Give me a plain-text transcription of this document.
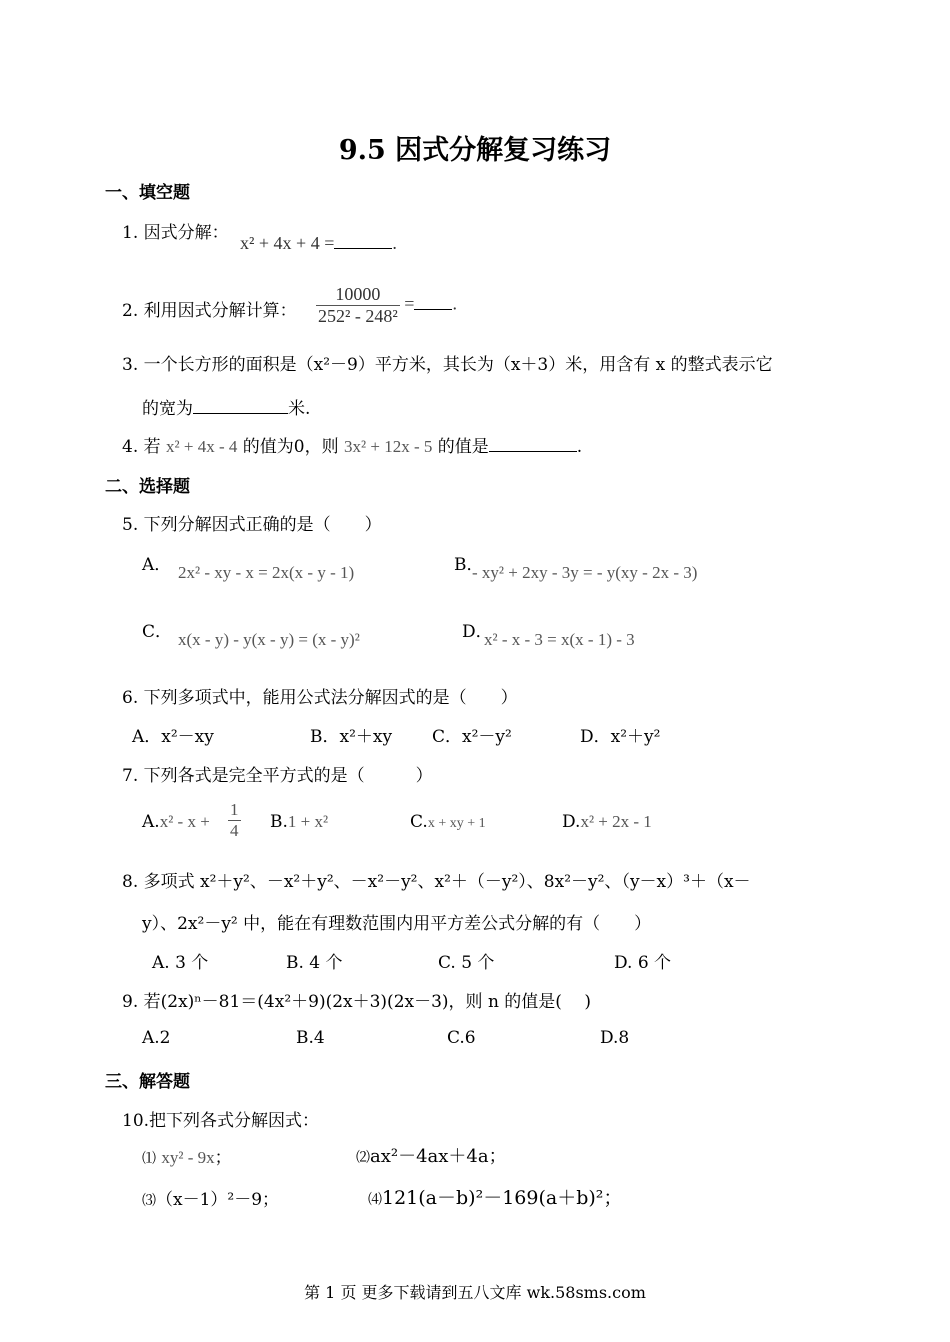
9.5 因式分解复习练习
一、填空题
1. 因式分解： x² + 4x + 4 =	.
2. 利用因式分解计算： $\frac{10000}{\text{252² - 248²}}$ = .
3. 一个长方形的面积是（x²－9）平方米，其长为（x＋3）米，用含有 x 的整式表示它
的宽为	米.
4. 若 x² + 4x - 4 的值为0，则 3x² + 12x - 5 的值是	.
二、选择题
5. 下列分解因式正确的是（　　）
A． 2x² - xy - x = 2x(x - y - 1)	B．
- xy² + 2xy - 3y = - y(xy - 2x - 3)
C． x(x - y) - y(x - y) = (x - y)²	D．
x² - x - 3 = x(x - 1) - 3
6. 下列多项式中，能用公式法分解因式的是（　　）
A．x²－xy	B．x²＋xy C．x²－y²	D．x²＋y²
7. 下列各式是完全平方式的是（　　　）
$A.x^2 - x + \frac{1}{4} B.1 + x^2$	C.x + xy + 1	D.x² + 2x - 1
8. 多项式 x²＋y²、－x²＋y²、－x²－y²、x²＋（－y²）、8x²－y²、（y－x）³＋（x－
y）、2x²－y² 中，能在有理数范围内用平方差公式分解的有（　　）
A. 3 个	B. 4 个	C. 5 个	D. 6 个
9. 若(2x)ⁿ－81＝(4x²＋9)(2x＋3)(2x－3)，则 n 的值是(　 )
A.2	B.4	C.6	D.8
三、解答题
10.把下列各式分解因式：
⑴ xy² - 9x；	⑵ax²－4ax＋4a；
⑶（x－1）²－9；	⑷121(a－b)²－169(a＋b)²；
第 1 页 更多下载请到五八文库 wk.58sms.com
